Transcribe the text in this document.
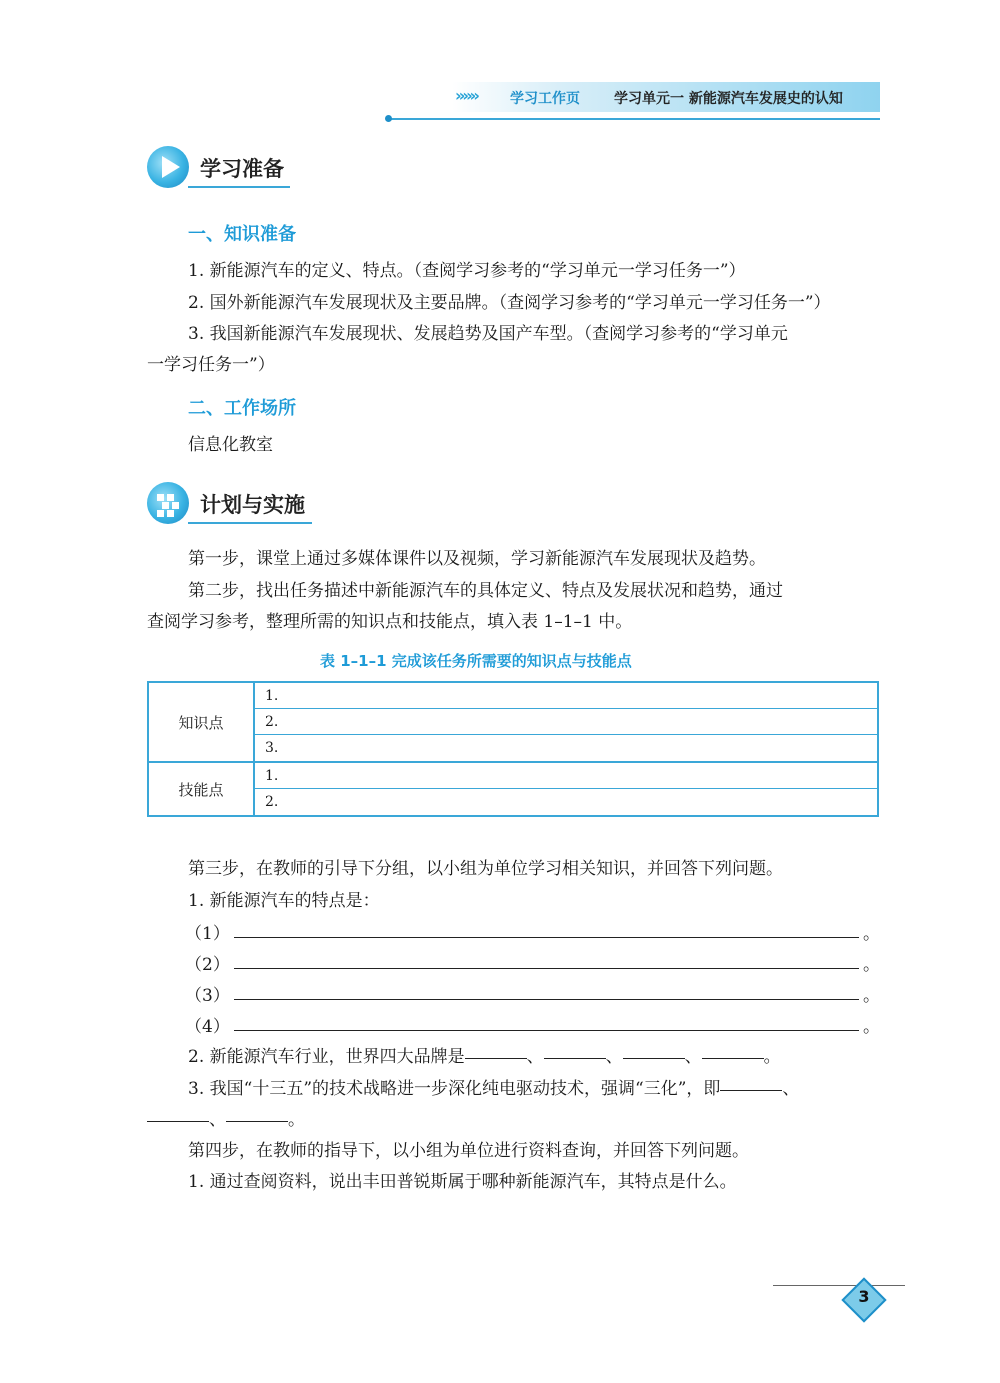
»»» 学习工作页 学习单元一 新能源汽车发展史的认知
学习准备
一、知识准备
1. 新能源汽车的定义、特点。（查阅学习参考的“学习单元一学习任务一”）
2. 国外新能源汽车发展现状及主要品牌。（查阅学习参考的“学习单元一学习任务一”）
3. 我国新能源汽车发展现状、发展趋势及国产车型。（查阅学习参考的“学习单元
一学习任务一”）
二、工作场所
信息化教室
计划与实施
第一步，课堂上通过多媒体课件以及视频，学习新能源汽车发展现状及趋势。
第二步，找出任务描述中新能源汽车的具体定义、特点及发展状况和趋势，通过
查阅学习参考，整理所需的知识点和技能点，填入表 1–1–1 中。
表 1–1–1 完成该任务所需要的知识点与技能点
知识点
1.
2.
3.
技能点
1.
2.
第三步，在教师的引导下分组，以小组为单位学习相关知识，并回答下列问题。
1. 新能源汽车的特点是：
（1）	。
（2）	。
（3）	。
（4）	。
2. 新能源汽车行业，世界四大品牌是	、	、	、	。
3. 我国“十三五”的技术战略进一步深化纯电驱动技术，强调“三化”，即	、
、	。
第四步，在教师的指导下，以小组为单位进行资料查询，并回答下列问题。
1. 通过查阅资料，说出丰田普锐斯属于哪种新能源汽车，其特点是什么。
3
